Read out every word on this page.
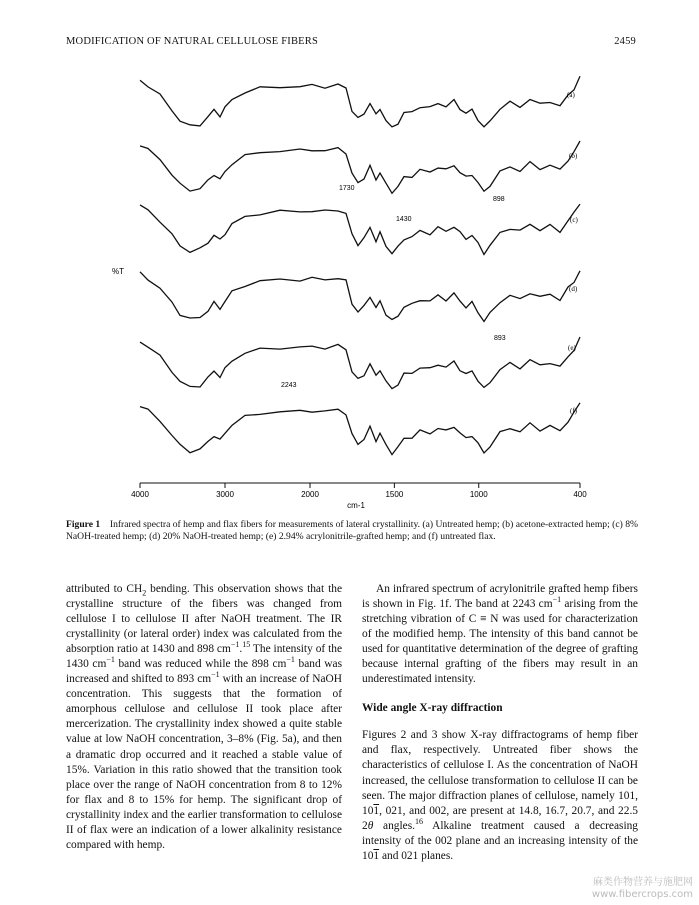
MODIFICATION OF NATURAL CELLULOSE FIBERS	2459
4000	3000	2000	1500	1000	400
cm-1
%T
(a)
(b)
(c)
(d)
(e)
(f)
1730
1430
898
893
2243
Figure 1 Infrared spectra of hemp and flax fibers for measurements of lateral crystallinity. (a) Untreated hemp; (b) acetone-extracted hemp; (c) 8% NaOH-treated hemp; (d) 20% NaOH-treated hemp; (e) 2.94% acrylonitrile-grafted hemp; and (f) untreated flax.

attributed to $CH_2$ bending. This observation shows that the crystalline structure of the fibers was changed from cellulose I to cellulose II after NaOH treatment. The IR crystallinity (or lateral order) index was calculated from the absorption ratio at 1430 and 898 $cm^{-1}.^{15}$ The intensity of the 1430 $cm^{-1}$ band was reduced while the 898 $cm^{-1}$ band was increased and shifted to 893 $cm^{-1}$ with an increase of NaOH concentration. This suggests that the formation of amorphous cellulose and cellulose II took place after mercerization. The crystallinity index showed a quite stable value at low NaOH concentration, 3–8% (Fig. 5a), and then a dramatic drop occurred and it reached a stable value of 15%. Variation in this ratio showed that the transition took place over the range of NaOH concentration from 8 to 12% for flax and 8 to 15% for hemp. The significant drop of crystallinity index and the earlier transformation to cellulose II of flax were an indication of a lower alkalinity resistance compared with hemp.

An infrared spectrum of acrylonitrile grafted hemp fibers is shown in Fig. 1f. The band at 2243 $cm^{-1}$ arising from the stretching vibration of C ≡ N was used for characterization of the modified hemp. The intensity of this band cannot be used for quantitative determination of the degree of grafting because internal grafting of the fibers may result in an underestimated intensity.

Wide angle X-ray diffraction

Figures 2 and 3 show X-ray diffractograms of hemp fiber and flax, respectively. Untreated fiber shows the characteristics of cellulose I. As the concentration of NaOH increased, the cellulose transformation to cellulose II can be seen. The major diffraction planes of cellulose, namely 101, 101, 021, and 002, are present at 14.8, 16.7, 20.7, and 22.5 2θ angles.$^{16}$ Alkaline treatment caused a decreasing intensity of the 002 plane and an increasing intensity of the 101 and 021 planes.

麻类作物营养与施肥网
www.fibercrops.com
